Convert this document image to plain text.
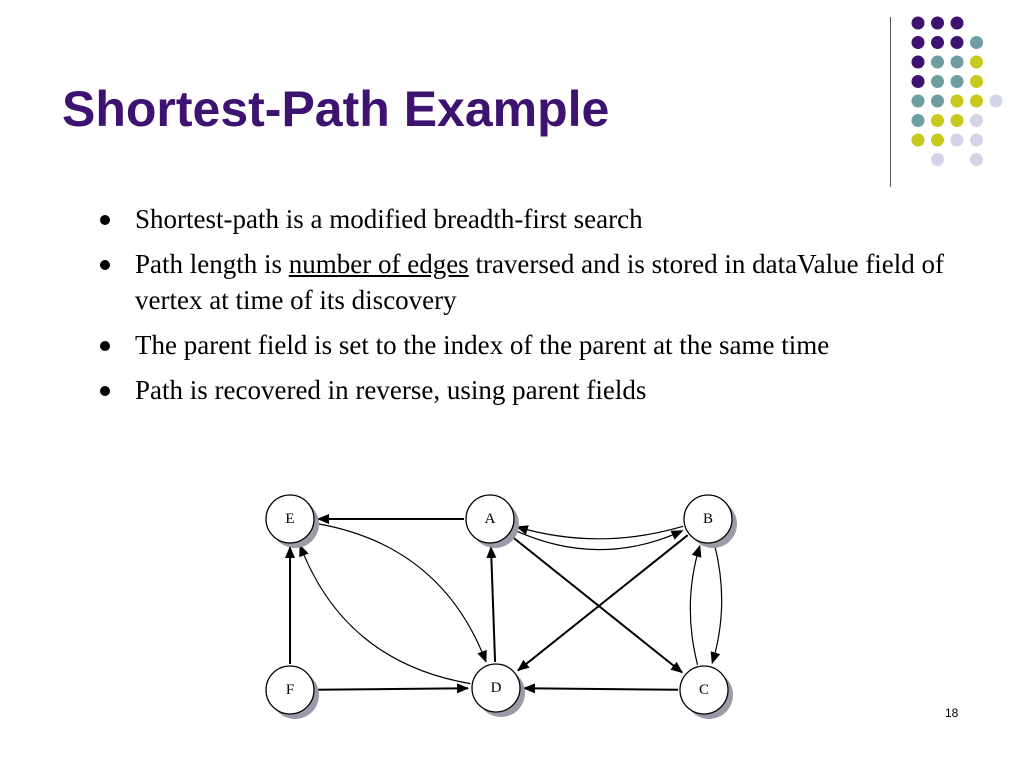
Shortest-Path Example
Shortest-path is a modified breadth-first search
Path length is number of edges traversed and is stored in dataValue field of vertex at time of its discovery
The parent field is set to the index of the parent at the same time
Path is recovered in reverse, using parent fields
E	A	B
F	D	C
18
